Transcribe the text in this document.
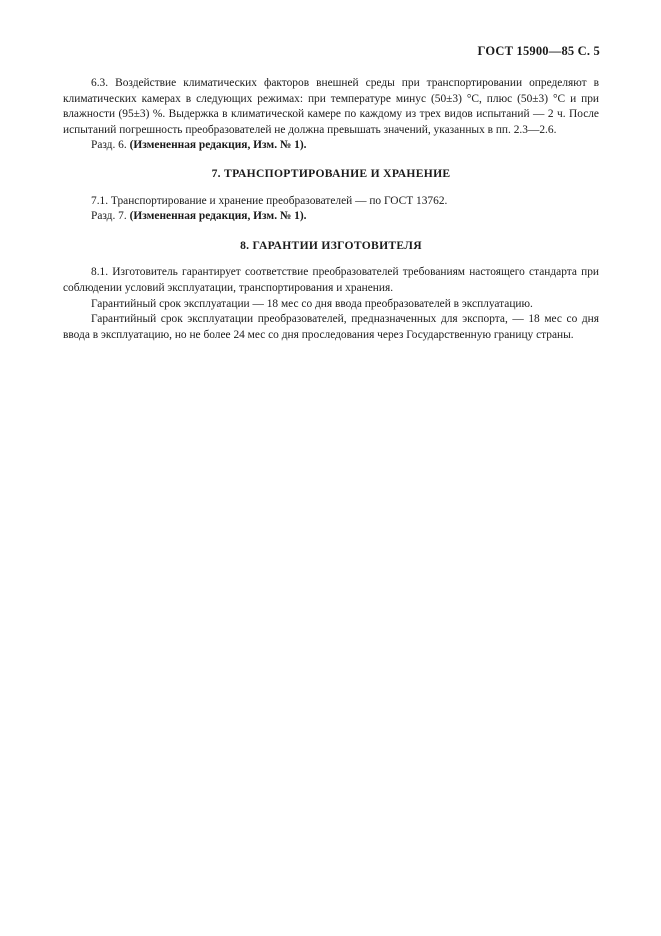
ГОСТ 15900—85 С. 5

6.3. Воздействие климатических факторов внешней среды при транспортировании определяют в климатических камерах в следующих режимах: при температуре минус (50±3) °С, плюс (50±3) °С и при влажности (95±3) %. Выдержка в климатической камере по каждому из трех видов испытаний — 2 ч. После испытаний погрешность преобразователей не должна превышать значений, указанных в пп. 2.3—2.6.

Разд. 6. (Измененная редакция, Изм. № 1).

7. ТРАНСПОРТИРОВАНИЕ И ХРАНЕНИЕ

7.1. Транспортирование и хранение преобразователей — по ГОСТ 13762.

Разд. 7. (Измененная редакция, Изм. № 1).

8. ГАРАНТИИ ИЗГОТОВИТЕЛЯ

8.1. Изготовитель гарантирует соответствие преобразователей требованиям настоящего стандарта при соблюдении условий эксплуатации, транспортирования и хранения.

Гарантийный срок эксплуатации — 18 мес со дня ввода преобразователей в эксплуатацию.

Гарантийный срок эксплуатации преобразователей, предназначенных для экспорта, — 18 мес со дня ввода в эксплуатацию, но не более 24 мес со дня проследования через Государственную границу страны.
